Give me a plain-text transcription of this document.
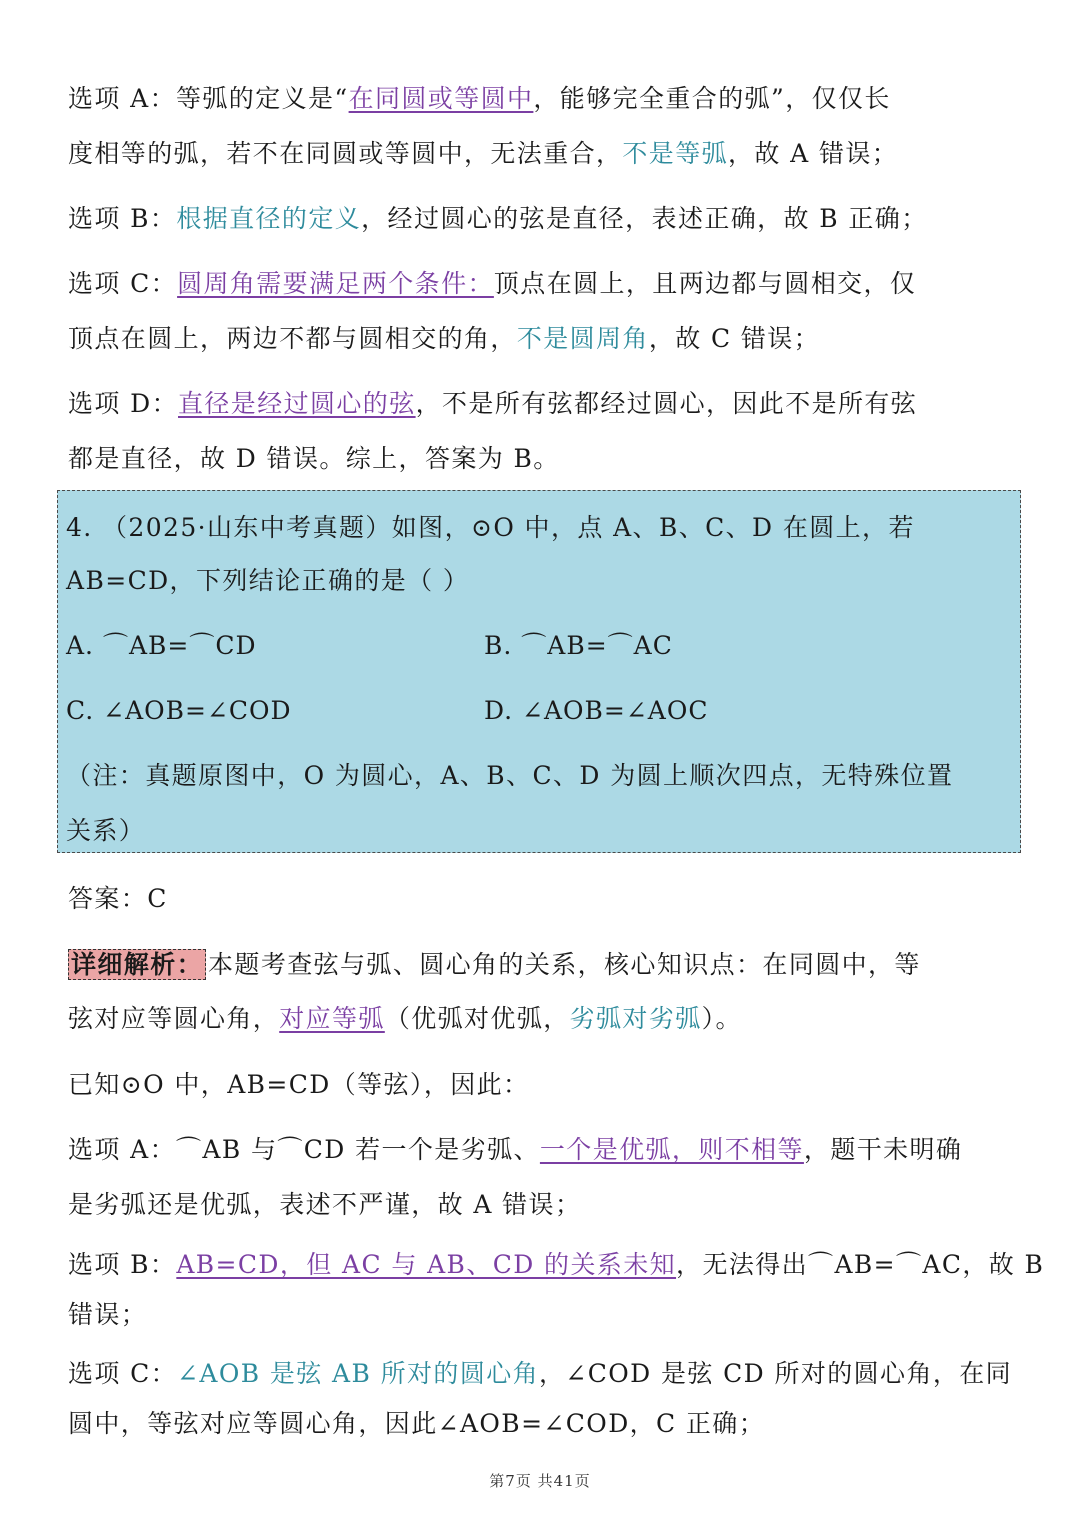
选项 A：等弧的定义是“在同圆或等圆中，能够完全重合的弧”，仅仅长
度相等的弧，若不在同圆或等圆中，无法重合，不是等弧，故 A 错误；
选项 B：根据直径的定义，经过圆心的弦是直径，表述正确，故 B 正确；
选项 C：圆周角需要满足两个条件：顶点在圆上，且两边都与圆相交，仅
顶点在圆上，两边不都与圆相交的角，不是圆周角，故 C 错误；
选项 D：直径是经过圆心的弦，不是所有弦都经过圆心，因此不是所有弦
都是直径，故 D 错误。综上，答案为 B。
4. （2025·山东中考真题）如图，⊙O 中，点 A、B、C、D 在圆上，若
AB=CD，下列结论正确的是（ ）
A. ⌒AB=⌒CD	B. ⌒AB=⌒AC
C. ∠AOB=∠COD	D. ∠AOB=∠AOC
（注：真题原图中，O 为圆心，A、B、C、D 为圆上顺次四点，无特殊位置
关系）
答案：C
详细解析： 本题考查弦与弧、圆心角的关系，核心知识点：在同圆中，等
弦对应等圆心角，对应等弧（优弧对优弧，劣弧对劣弧）。
已知⊙O 中，AB=CD（等弦），因此：
选项 A：⌒AB 与⌒CD 若一个是劣弧、一个是优弧，则不相等，题干未明确
是劣弧还是优弧，表述不严谨，故 A 错误；
选项 B：AB=CD，但 AC 与 AB、CD 的关系未知，无法得出⌒AB=⌒AC，故 B
错误；
选项 C：∠AOB 是弦 AB 所对的圆心角，∠COD 是弦 CD 所对的圆心角，在同
圆中，等弦对应等圆心角，因此∠AOB=∠COD，C 正确；
第7页 共41页
